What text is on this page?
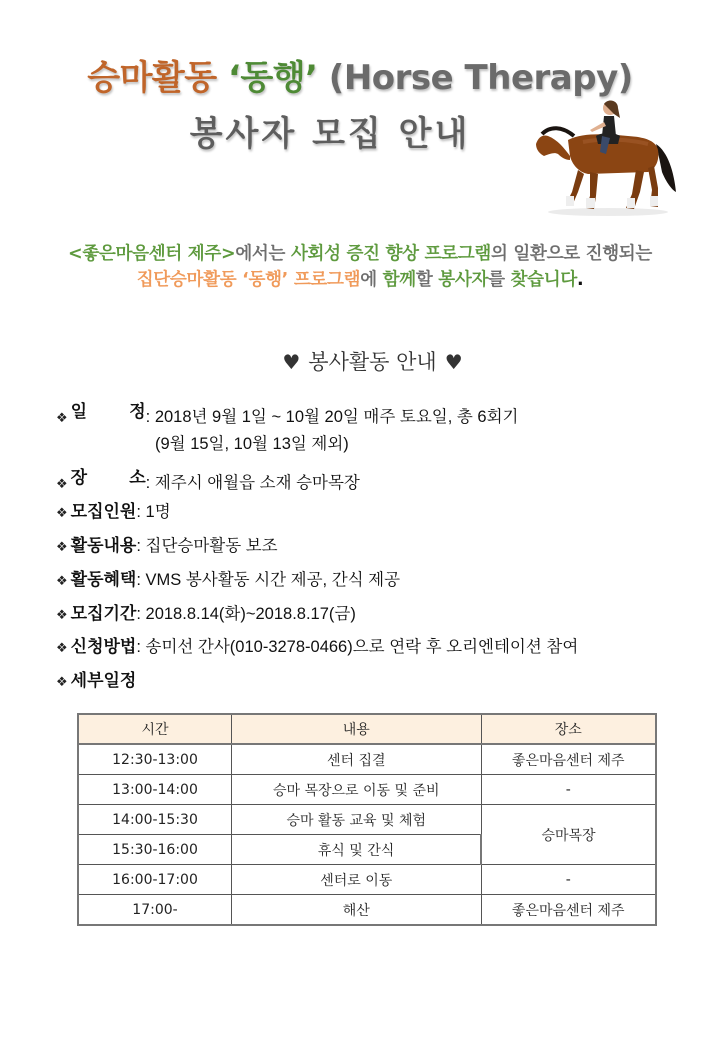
승마활동 ‘동행’ (Horse Therapy)
봉사자 모집 안내
<좋은마음센터 제주>에서는 사회성 증진 향상 프로그램의 일환으로 진행되는
집단승마활동 ‘동행’ 프로그램에 함께할 봉사자를 찾습니다.
♥ 봉사활동 안내 ♥
❖ 일 정 : 2018년 9월 1일 ~ 10월 20일 매주 토요일, 총 6회기
(9월 15일, 10월 13일 제외)
❖ 장 소 : 제주시 애월읍 소재 승마목장
❖ 모집인원: 1명
❖ 활동내용: 집단승마활동 보조
❖ 활동혜택: VMS 봉사활동 시간 제공, 간식 제공
❖ 모집기간: 2018.8.14(화)~2018.8.17(금)
❖ 신청방법: 송미선 간사(010-3278-0466)으로 연락 후 오리엔테이션 참여
❖ 세부일정
시간	내용	장소
12:30-13:00	센터 집결	좋은마음센터 제주
13:00-14:00	승마 목장으로 이동 및 준비	-
14:00-15:30	승마 활동 교육 및 체험	승마목장
15:30-16:00	휴식 및 간식	
16:00-17:00	센터로 이동	-
17:00-	해산	좋은마음센터 제주
